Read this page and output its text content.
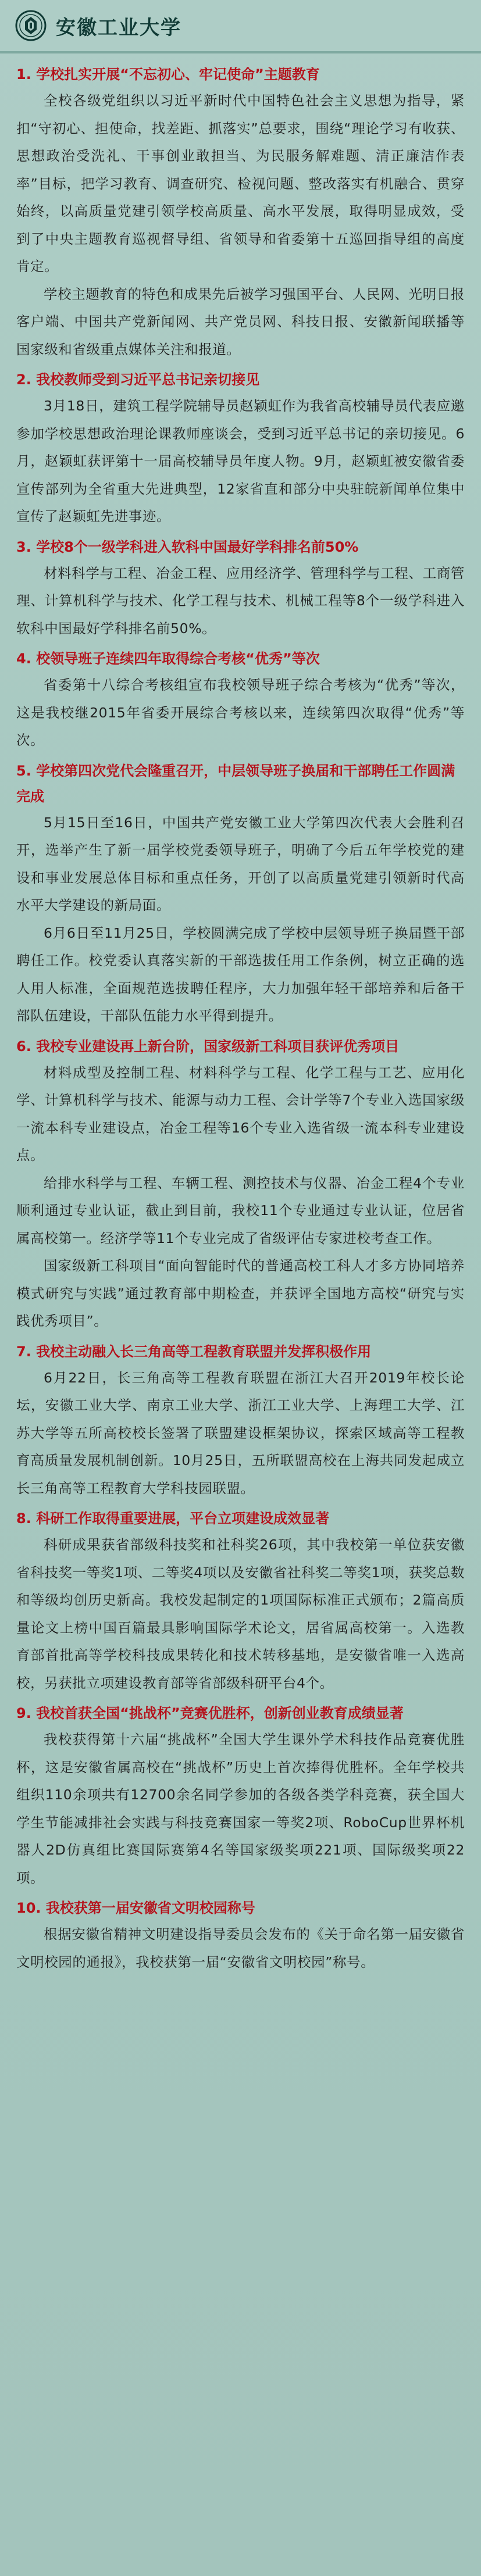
安徽工业大学
1. 学校扎实开展“不忘初心、牢记使命”主题教育

全校各级党组织以习近平新时代中国特色社会主义思想为指导，紧扣“守初心、担使命，找差距、抓落实”总要求，围绕“理论学习有收获、思想政治受洗礼、干事创业敢担当、为民服务解难题、清正廉洁作表率”目标，把学习教育、调查研究、检视问题、整改落实有机融合、贯穿始终，以高质量党建引领学校高质量、高水平发展，取得明显成效，受到了中央主题教育巡视督导组、省领导和省委第十五巡回指导组的高度肯定。

学校主题教育的特色和成果先后被学习强国平台、人民网、光明日报客户端、中国共产党新闻网、共产党员网、科技日报、安徽新闻联播等国家级和省级重点媒体关注和报道。

2. 我校教师受到习近平总书记亲切接见

3月18日，建筑工程学院辅导员赵颖虹作为我省高校辅导员代表应邀参加学校思想政治理论课教师座谈会，受到习近平总书记的亲切接见。6月，赵颖虹获评第十一届高校辅导员年度人物。9月，赵颖虹被安徽省委宣传部列为全省重大先进典型，12家省直和部分中央驻皖新闻单位集中宣传了赵颖虹先进事迹。

3. 学校8个一级学科进入软科中国最好学科排名前50%

材料科学与工程、冶金工程、应用经济学、管理科学与工程、工商管理、计算机科学与技术、化学工程与技术、机械工程等8个一级学科进入软科中国最好学科排名前50%。

4. 校领导班子连续四年取得综合考核“优秀”等次

省委第十八综合考核组宣布我校领导班子综合考核为“优秀”等次，这是我校继2015年省委开展综合考核以来，连续第四次取得“优秀”等次。

5. 学校第四次党代会隆重召开，中层领导班子换届和干部聘任工作圆满完成

5月15日至16日，中国共产党安徽工业大学第四次代表大会胜利召开，选举产生了新一届学校党委领导班子，明确了今后五年学校党的建设和事业发展总体目标和重点任务，开创了以高质量党建引领新时代高水平大学建设的新局面。

6月6日至11月25日，学校圆满完成了学校中层领导班子换届暨干部聘任工作。校党委认真落实新的干部选拔任用工作条例，树立正确的选人用人标准，全面规范选拔聘任程序，大力加强年轻干部培养和后备干部队伍建设，干部队伍能力水平得到提升。

6. 我校专业建设再上新台阶，国家级新工科项目获评优秀项目

材料成型及控制工程、材料科学与工程、化学工程与工艺、应用化学、计算机科学与技术、能源与动力工程、会计学等7个专业入选国家级一流本科专业建设点，冶金工程等16个专业入选省级一流本科专业建设点。

给排水科学与工程、车辆工程、测控技术与仪器、冶金工程4个专业顺利通过专业认证，截止到目前，我校11个专业通过专业认证，位居省属高校第一。经济学等11个专业完成了省级评估专家进校考查工作。

国家级新工科项目“面向智能时代的普通高校工科人才多方协同培养模式研究与实践”通过教育部中期检查，并获评全国地方高校“研究与实践优秀项目”。

7. 我校主动融入长三角高等工程教育联盟并发挥积极作用

6月22日，长三角高等工程教育联盟在浙江大召开2019年校长论坛，安徽工业大学、南京工业大学、浙江工业大学、上海理工大学、江苏大学等五所高校校长签署了联盟建设框架协议，探索区域高等工程教育高质量发展机制创新。10月25日，五所联盟高校在上海共同发起成立长三角高等工程教育大学科技园联盟。

8. 科研工作取得重要进展，平台立项建设成效显著

科研成果获省部级科技奖和社科奖26项，其中我校第一单位获安徽省科技奖一等奖1项、二等奖4项以及安徽省社科奖二等奖1项，获奖总数和等级均创历史新高。我校发起制定的1项国际标准正式颁布；2篇高质量论文上榜中国百篇最具影响国际学术论文，居省属高校第一。入选教育部首批高等学校科技成果转化和技术转移基地，是安徽省唯一入选高校，另获批立项建设教育部等省部级科研平台4个。

9. 我校首获全国“挑战杯”竞赛优胜杯，创新创业教育成绩显著

我校获得第十六届“挑战杯”全国大学生课外学术科技作品竞赛优胜杯，这是安徽省属高校在“挑战杯”历史上首次捧得优胜杯。全年学校共组织110余项共有12700余名同学参加的各级各类学科竞赛，获全国大学生节能减排社会实践与科技竞赛国家一等奖2项、RoboCup世界杯机器人2D仿真组比赛国际赛第4名等国家级奖项221项、国际级奖项22项。

10. 我校获第一届安徽省文明校园称号

根据安徽省精神文明建设指导委员会发布的《关于命名第一届安徽省文明校园的通报》，我校获第一届“安徽省文明校园”称号。
